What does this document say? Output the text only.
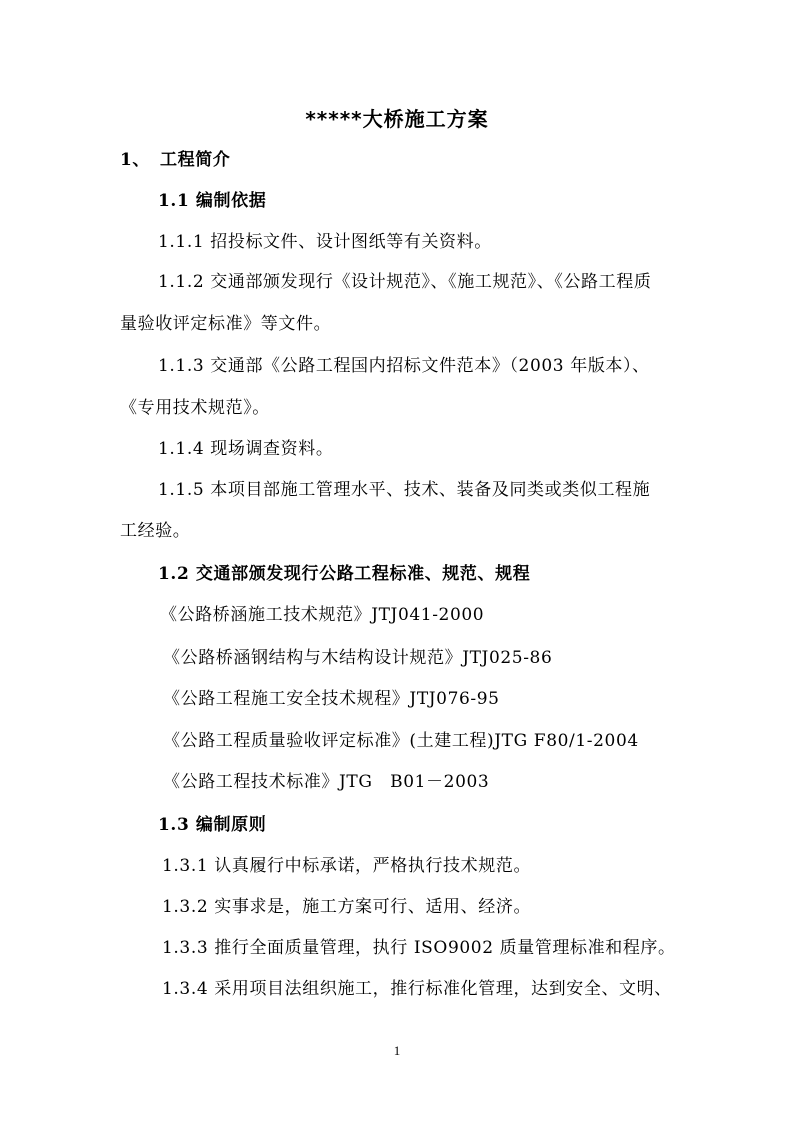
*****大桥施工方案
1、 工程简介
1.1 编制依据
1.1.1 招投标文件、设计图纸等有关资料。
1.1.2 交通部颁发现行《设计规范》、《施工规范》、《公路工程质
量验收评定标准》等文件。
1.1.3 交通部《公路工程国内招标文件范本》（2003 年版本）、
《专用技术规范》。
1.1.4 现场调查资料。
1.1.5 本项目部施工管理水平、技术、装备及同类或类似工程施
工经验。
1.2 交通部颁发现行公路工程标准、规范、规程
《公路桥涵施工技术规范》JTJ041-2000
《公路桥涵钢结构与木结构设计规范》JTJ025-86
《公路工程施工安全技术规程》JTJ076-95
《公路工程质量验收评定标准》(土建工程)JTG F80/1-2004
《公路工程技术标准》JTG　B01－2003
1.3 编制原则
1.3.1 认真履行中标承诺，严格执行技术规范。
1.3.2 实事求是，施工方案可行、适用、经济。
1.3.3 推行全面质量管理，执行 ISO9002 质量管理标准和程序。
1.3.4 采用项目法组织施工，推行标准化管理，达到安全、文明、
1
